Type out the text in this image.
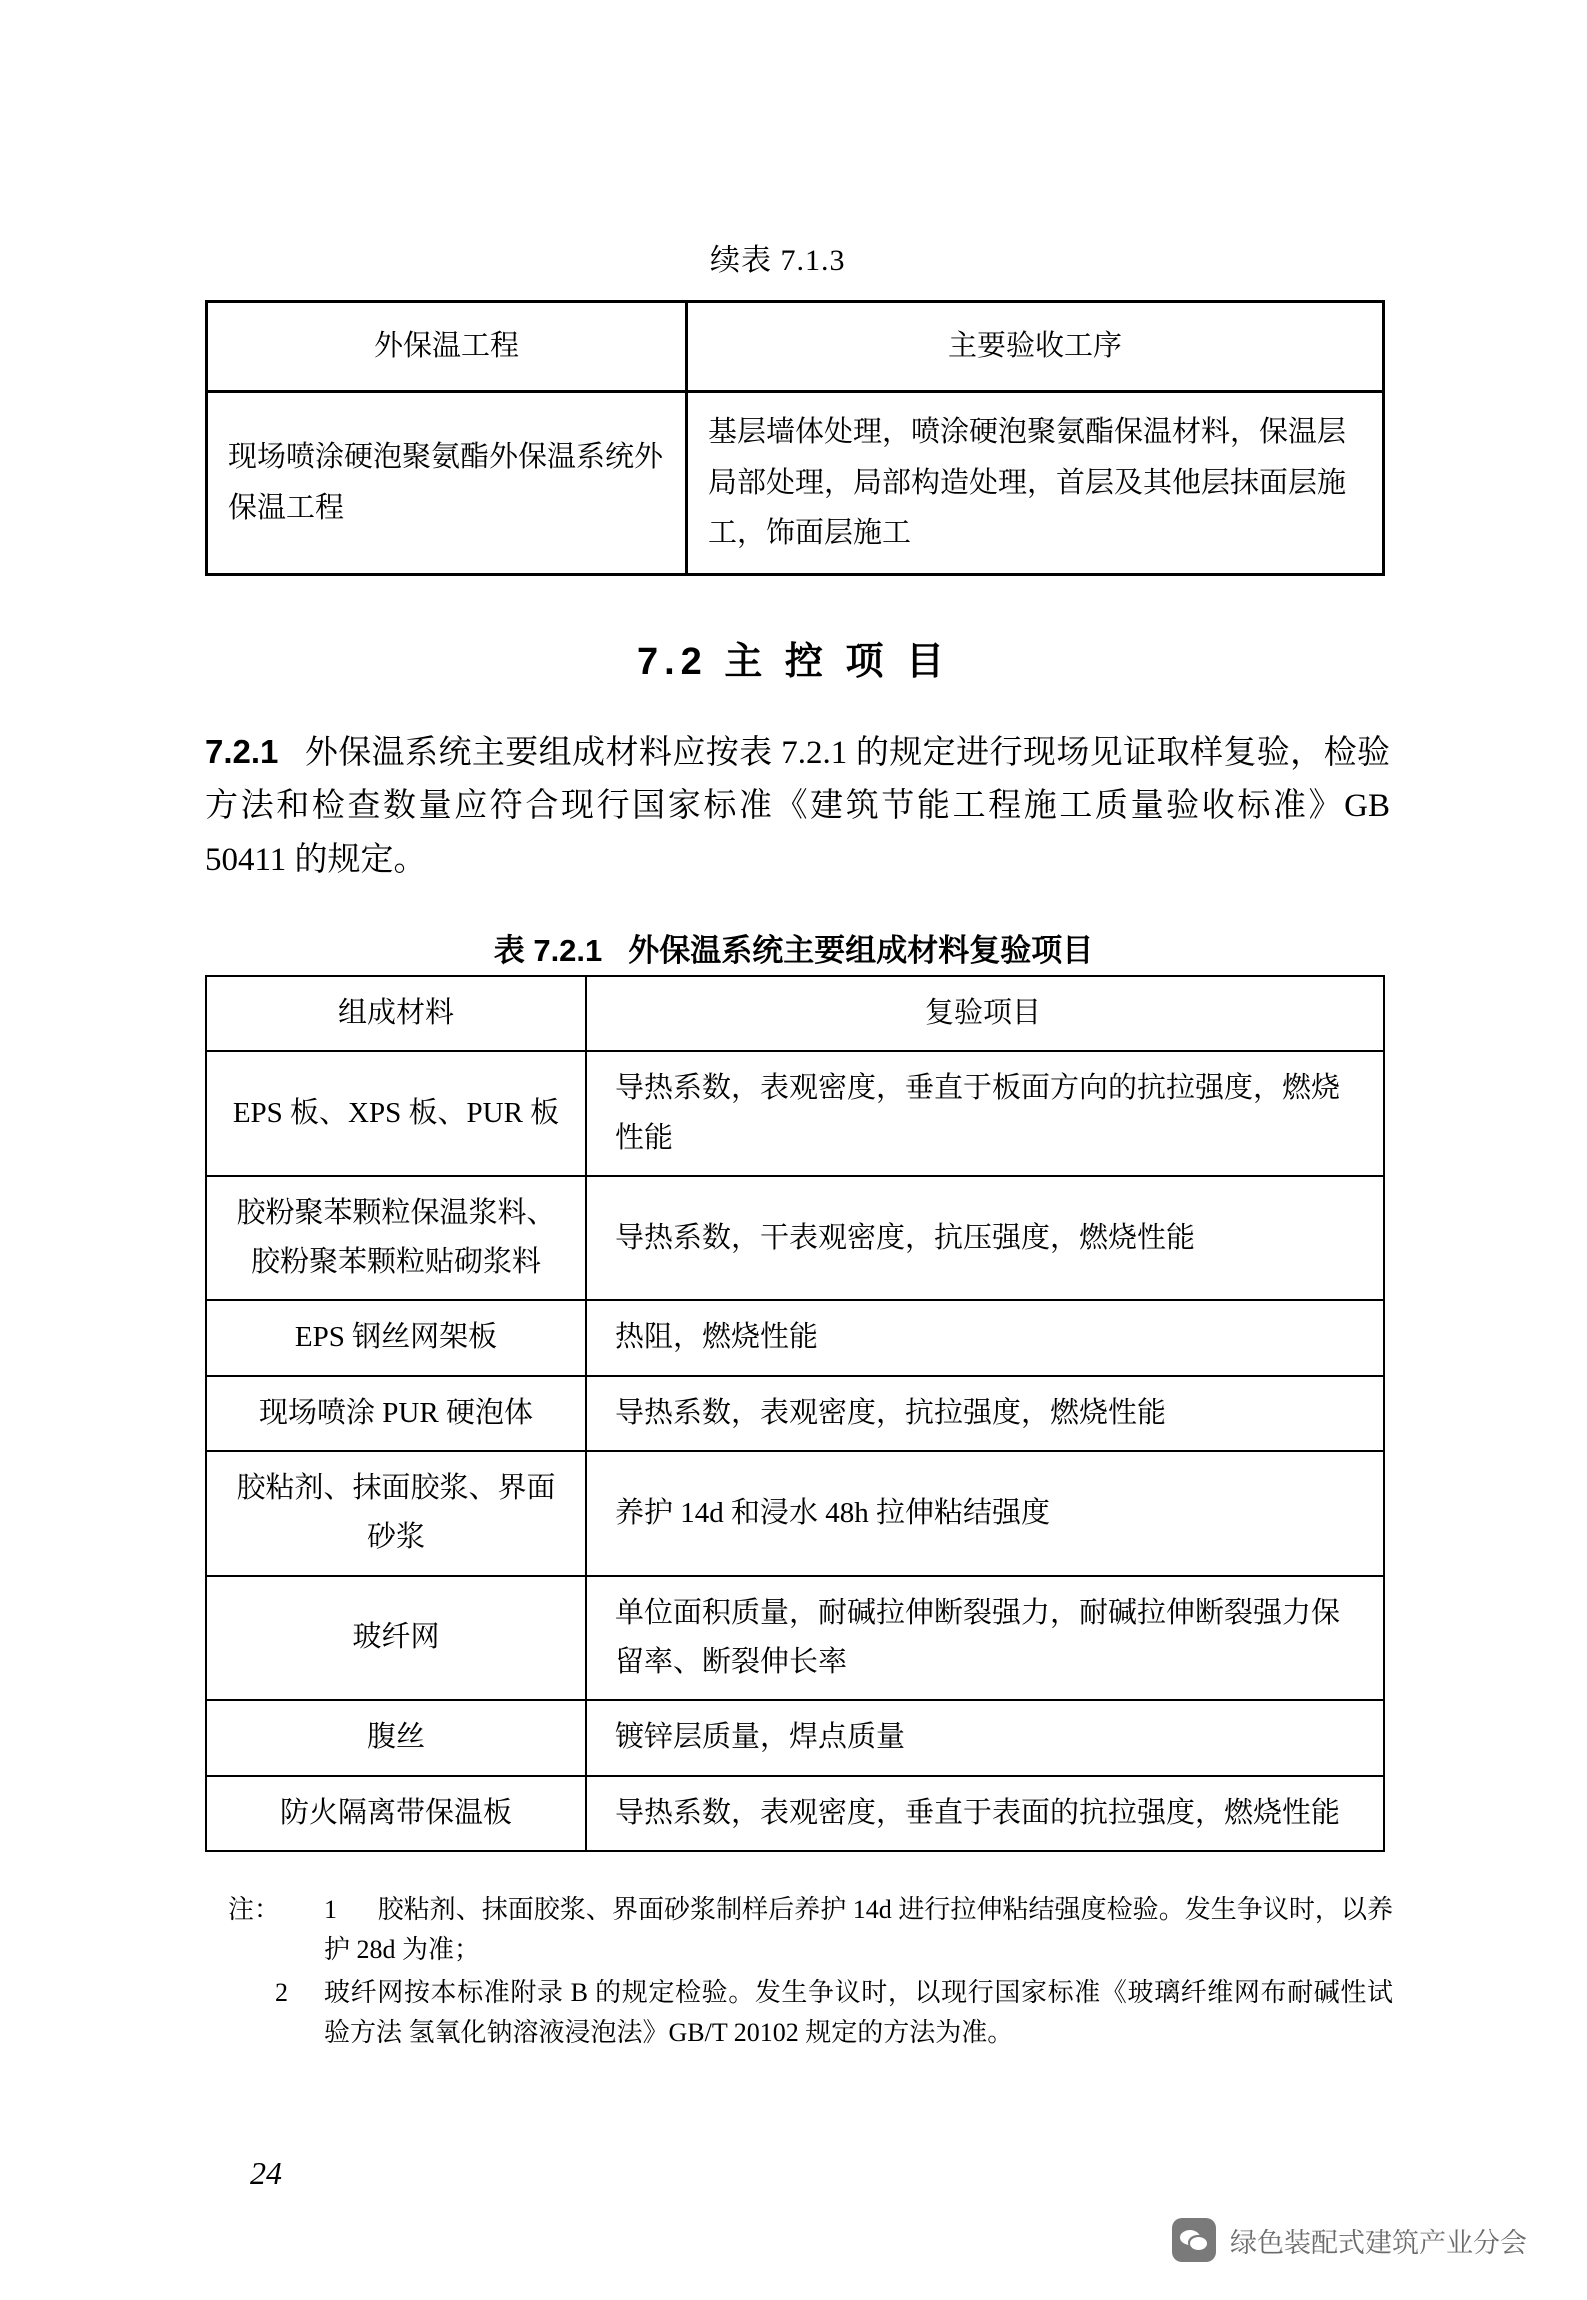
续表 7.1.3
外保温工程	主要验收工序
现场喷涂硬泡聚氨酯外保温系统外保温工程	基层墙体处理，喷涂硬泡聚氨酯保温材料，保温层局部处理，局部构造处理，首层及其他层抹面层施工，饰面层施工
7.2 主 控 项 目
7.2.1 外保温系统主要组成材料应按表 7.2.1 的规定进行现场见证取样复验，检验方法和检查数量应符合现行国家标准《建筑节能工程施工质量验收标准》GB 50411 的规定。
表 7.2.1 外保温系统主要组成材料复验项目
组成材料	复验项目
EPS 板、XPS 板、PUR 板	导热系数，表观密度，垂直于板面方向的抗拉强度，燃烧性能
胶粉聚苯颗粒保温浆料、胶粉聚苯颗粒贴砌浆料	导热系数，干表观密度，抗压强度，燃烧性能
EPS 钢丝网架板	热阻，燃烧性能
现场喷涂 PUR 硬泡体	导热系数，表观密度，抗拉强度，燃烧性能
胶粘剂、抹面胶浆、界面砂浆	养护 14d 和浸水 48h 拉伸粘结强度
玻纤网	单位面积质量，耐碱拉伸断裂强力，耐碱拉伸断裂强力保留率、断裂伸长率
腹丝	镀锌层质量，焊点质量
防火隔离带保温板	导热系数，表观密度，垂直于表面的抗拉强度，燃烧性能
注：	1 胶粘剂、抹面胶浆、界面砂浆制样后养护 14d 进行拉伸粘结强度检验。发生争议时，以养护 28d 为准；
2	玻纤网按本标准附录 B 的规定检验。发生争议时，以现行国家标准《玻璃纤维网布耐碱性试验方法 氢氧化钠溶液浸泡法》GB/T 20102 规定的方法为准。
24
绿色装配式建筑产业分会
